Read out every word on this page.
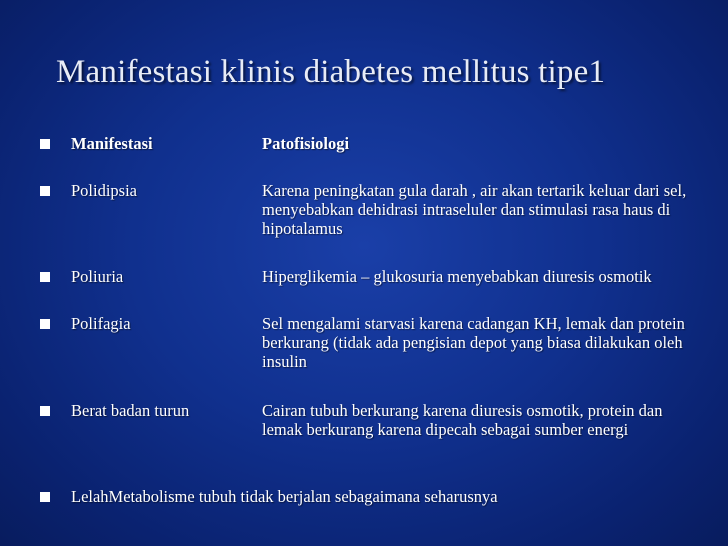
Manifestasi klinis diabetes mellitus tipe1
Manifestasi	Patofisiologi
Polidipsia	Karena peningkatan gula darah , air akan tertarik keluar dari sel, menyebabkan dehidrasi intraseluler dan stimulasi rasa haus di hipotalamus
Poliuria	Hiperglikemia – glukosuria menyebabkan diuresis osmotik
Polifagia	Sel mengalami starvasi karena cadangan KH, lemak dan protein berkurang (tidak ada pengisian depot yang biasa dilakukan oleh insulin
Berat badan turun	Cairan tubuh berkurang karena diuresis osmotik, protein dan lemak berkurang karena dipecah sebagai sumber energi
LelahMetabolisme tubuh tidak berjalan sebagaimana seharusnya
